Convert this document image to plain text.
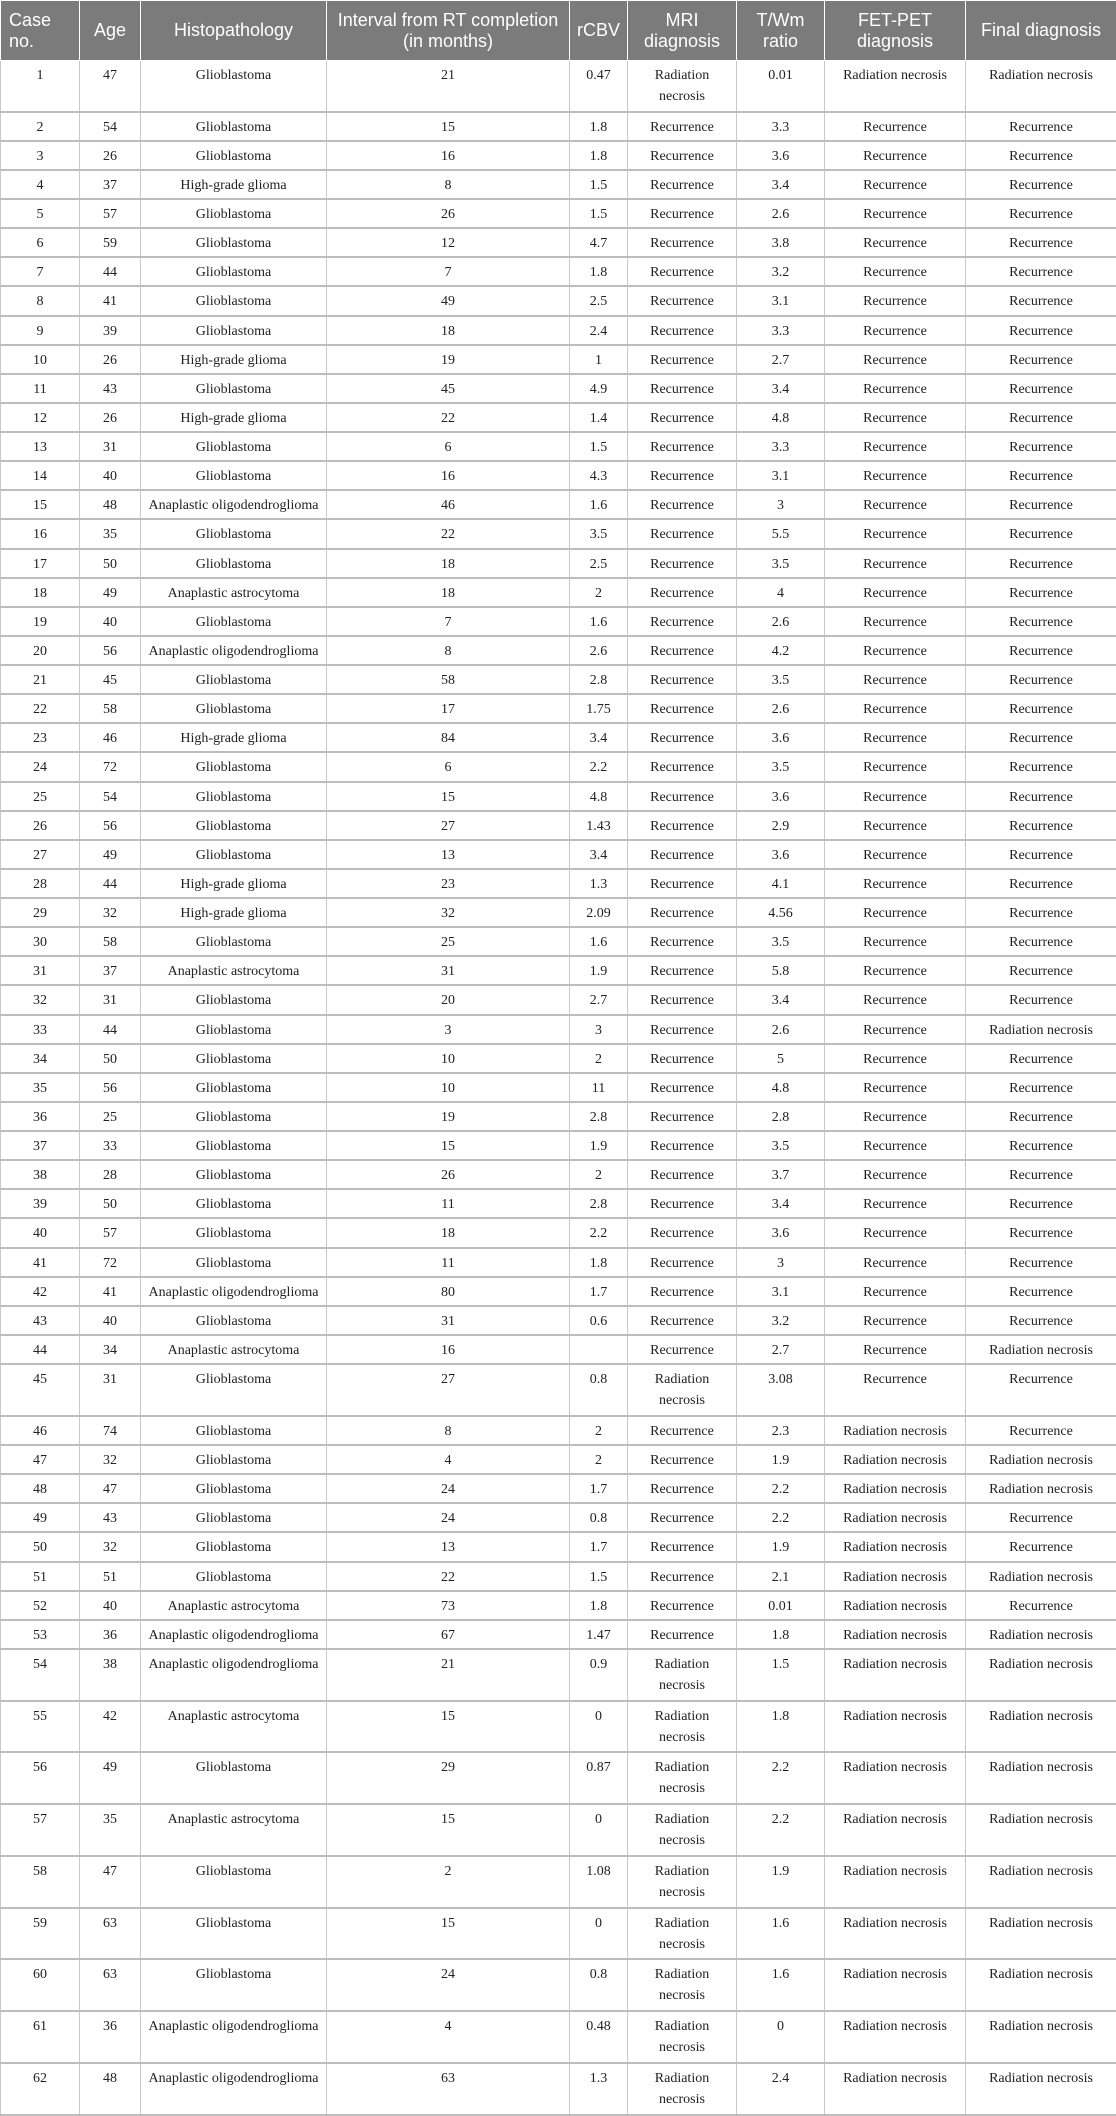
Case no.	Age	Histopathology	Interval from RT completion (in months)	rCBV	MRI diagnosis	T/Wm ratio	FET-PET diagnosis	Final diagnosis
1	47	Glioblastoma	21	0.47	Radiation necrosis	0.01	Radiation necrosis	Radiation necrosis
2	54	Glioblastoma	15	1.8	Recurrence	3.3	Recurrence	Recurrence
3	26	Glioblastoma	16	1.8	Recurrence	3.6	Recurrence	Recurrence
4	37	High-grade glioma	8	1.5	Recurrence	3.4	Recurrence	Recurrence
5	57	Glioblastoma	26	1.5	Recurrence	2.6	Recurrence	Recurrence
6	59	Glioblastoma	12	4.7	Recurrence	3.8	Recurrence	Recurrence
7	44	Glioblastoma	7	1.8	Recurrence	3.2	Recurrence	Recurrence
8	41	Glioblastoma	49	2.5	Recurrence	3.1	Recurrence	Recurrence
9	39	Glioblastoma	18	2.4	Recurrence	3.3	Recurrence	Recurrence
10	26	High-grade glioma	19	1	Recurrence	2.7	Recurrence	Recurrence
11	43	Glioblastoma	45	4.9	Recurrence	3.4	Recurrence	Recurrence
12	26	High-grade glioma	22	1.4	Recurrence	4.8	Recurrence	Recurrence
13	31	Glioblastoma	6	1.5	Recurrence	3.3	Recurrence	Recurrence
14	40	Glioblastoma	16	4.3	Recurrence	3.1	Recurrence	Recurrence
15	48	Anaplastic oligodendroglioma	46	1.6	Recurrence	3	Recurrence	Recurrence
16	35	Glioblastoma	22	3.5	Recurrence	5.5	Recurrence	Recurrence
17	50	Glioblastoma	18	2.5	Recurrence	3.5	Recurrence	Recurrence
18	49	Anaplastic astrocytoma	18	2	Recurrence	4	Recurrence	Recurrence
19	40	Glioblastoma	7	1.6	Recurrence	2.6	Recurrence	Recurrence
20	56	Anaplastic oligodendroglioma	8	2.6	Recurrence	4.2	Recurrence	Recurrence
21	45	Glioblastoma	58	2.8	Recurrence	3.5	Recurrence	Recurrence
22	58	Glioblastoma	17	1.75	Recurrence	2.6	Recurrence	Recurrence
23	46	High-grade glioma	84	3.4	Recurrence	3.6	Recurrence	Recurrence
24	72	Glioblastoma	6	2.2	Recurrence	3.5	Recurrence	Recurrence
25	54	Glioblastoma	15	4.8	Recurrence	3.6	Recurrence	Recurrence
26	56	Glioblastoma	27	1.43	Recurrence	2.9	Recurrence	Recurrence
27	49	Glioblastoma	13	3.4	Recurrence	3.6	Recurrence	Recurrence
28	44	High-grade glioma	23	1.3	Recurrence	4.1	Recurrence	Recurrence
29	32	High-grade glioma	32	2.09	Recurrence	4.56	Recurrence	Recurrence
30	58	Glioblastoma	25	1.6	Recurrence	3.5	Recurrence	Recurrence
31	37	Anaplastic astrocytoma	31	1.9	Recurrence	5.8	Recurrence	Recurrence
32	31	Glioblastoma	20	2.7	Recurrence	3.4	Recurrence	Recurrence
33	44	Glioblastoma	3	3	Recurrence	2.6	Recurrence	Radiation necrosis
34	50	Glioblastoma	10	2	Recurrence	5	Recurrence	Recurrence
35	56	Glioblastoma	10	11	Recurrence	4.8	Recurrence	Recurrence
36	25	Glioblastoma	19	2.8	Recurrence	2.8	Recurrence	Recurrence
37	33	Glioblastoma	15	1.9	Recurrence	3.5	Recurrence	Recurrence
38	28	Glioblastoma	26	2	Recurrence	3.7	Recurrence	Recurrence
39	50	Glioblastoma	11	2.8	Recurrence	3.4	Recurrence	Recurrence
40	57	Glioblastoma	18	2.2	Recurrence	3.6	Recurrence	Recurrence
41	72	Glioblastoma	11	1.8	Recurrence	3	Recurrence	Recurrence
42	41	Anaplastic oligodendroglioma	80	1.7	Recurrence	3.1	Recurrence	Recurrence
43	40	Glioblastoma	31	0.6	Recurrence	3.2	Recurrence	Recurrence
44	34	Anaplastic astrocytoma	16		Recurrence	2.7	Recurrence	Radiation necrosis
45	31	Glioblastoma	27	0.8	Radiation necrosis	3.08	Recurrence	Recurrence
46	74	Glioblastoma	8	2	Recurrence	2.3	Radiation necrosis	Recurrence
47	32	Glioblastoma	4	2	Recurrence	1.9	Radiation necrosis	Radiation necrosis
48	47	Glioblastoma	24	1.7	Recurrence	2.2	Radiation necrosis	Radiation necrosis
49	43	Glioblastoma	24	0.8	Recurrence	2.2	Radiation necrosis	Recurrence
50	32	Glioblastoma	13	1.7	Recurrence	1.9	Radiation necrosis	Recurrence
51	51	Glioblastoma	22	1.5	Recurrence	2.1	Radiation necrosis	Radiation necrosis
52	40	Anaplastic astrocytoma	73	1.8	Recurrence	0.01	Radiation necrosis	Recurrence
53	36	Anaplastic oligodendroglioma	67	1.47	Recurrence	1.8	Radiation necrosis	Radiation necrosis
54	38	Anaplastic oligodendroglioma	21	0.9	Radiation necrosis	1.5	Radiation necrosis	Radiation necrosis
55	42	Anaplastic astrocytoma	15	0	Radiation necrosis	1.8	Radiation necrosis	Radiation necrosis
56	49	Glioblastoma	29	0.87	Radiation necrosis	2.2	Radiation necrosis	Radiation necrosis
57	35	Anaplastic astrocytoma	15	0	Radiation necrosis	2.2	Radiation necrosis	Radiation necrosis
58	47	Glioblastoma	2	1.08	Radiation necrosis	1.9	Radiation necrosis	Radiation necrosis
59	63	Glioblastoma	15	0	Radiation necrosis	1.6	Radiation necrosis	Radiation necrosis
60	63	Glioblastoma	24	0.8	Radiation necrosis	1.6	Radiation necrosis	Radiation necrosis
61	36	Anaplastic oligodendroglioma	4	0.48	Radiation necrosis	0	Radiation necrosis	Radiation necrosis
62	48	Anaplastic oligodendroglioma	63	1.3	Radiation necrosis	2.4	Radiation necrosis	Radiation necrosis
